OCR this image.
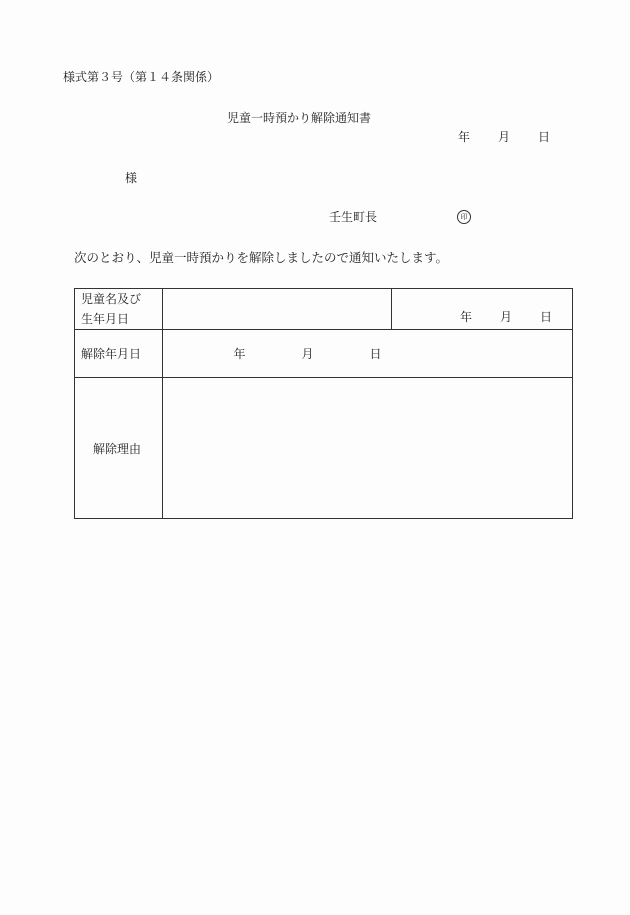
様式第３号（第１４条関係）
児童一時預かり解除通知書
年 月 日
様
壬生町長	印
次のとおり、児童一時預かりを解除しましたので通知いたします。
児童名及び
生年月日		年 月 日

解除年月日	年 月 日	

解除理由		
